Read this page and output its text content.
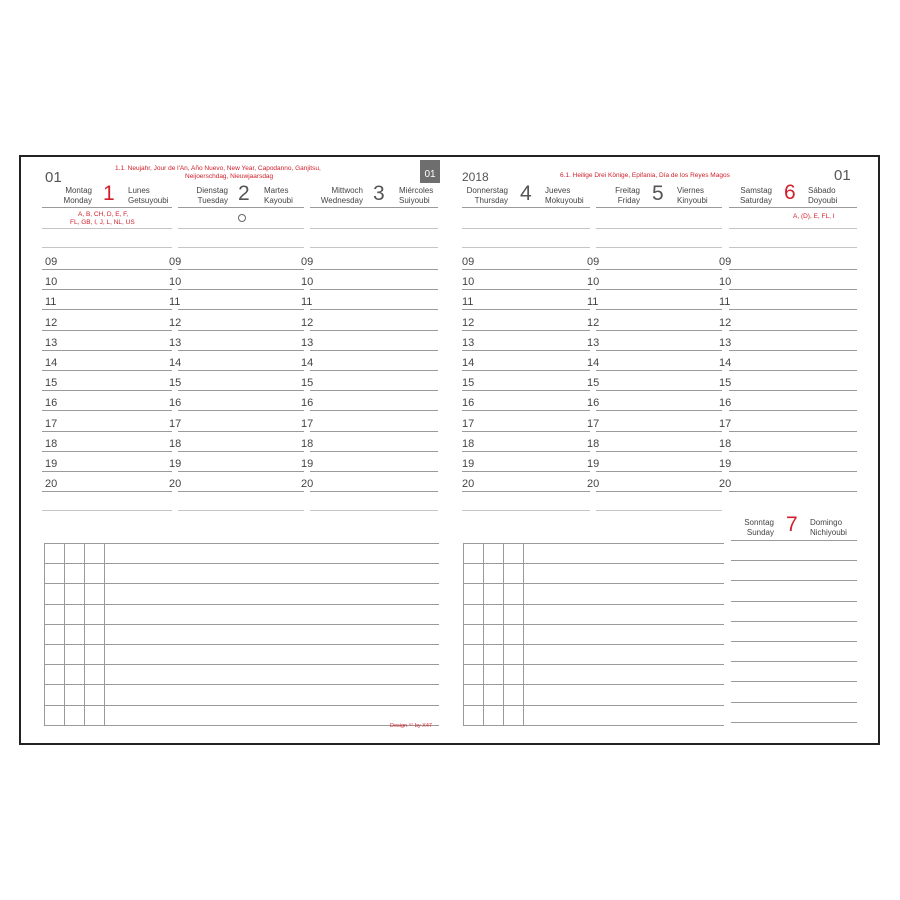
01
1.1. Neujahr, Jour de l'An, Año Nuevo, New Year, Capodanno, Ganjitsu,
Neijoerschdag, Nieuwjaarsdag	01
Montag
Monday 1 Lunes
Getsuyoubi
Dienstag
Tuesday 2 Martes
Kayoubi
Mittwoch
Wednesday 3 Miércoles
Suiyoubi
A, B, CH, D, E, F,
FL, GB, I, J, L, NL, US
2018	6.1. Heilige Drei Könige, Epifania, Día de los Reyes Magos	01
Donnerstag
Thursday 4 Jueves
Mokuyoubi
Freitag
Friday 5 Viernes
Kinyoubi
Samstag
Saturday 6 Sábado
Doyoubi
A, (D), E, FL, I
09	09	09	09	09	09
10	10	10	10	10	10
11	11	11	11	11	11
12	12	12	12	12	12
13	13	13	13	13	13
14	14	14	14	14	14
15	15	15	15	15	15
16	16	16	16	16	16
17	17	17	17	17	17
18	18	18	18	18	18
19	19	19	19	19	19
20	20	20	20	20	20
Sonntag
Sunday 7 Domingo
Nichiyoubi
Design ⁽ᶜ⁾ by X47
